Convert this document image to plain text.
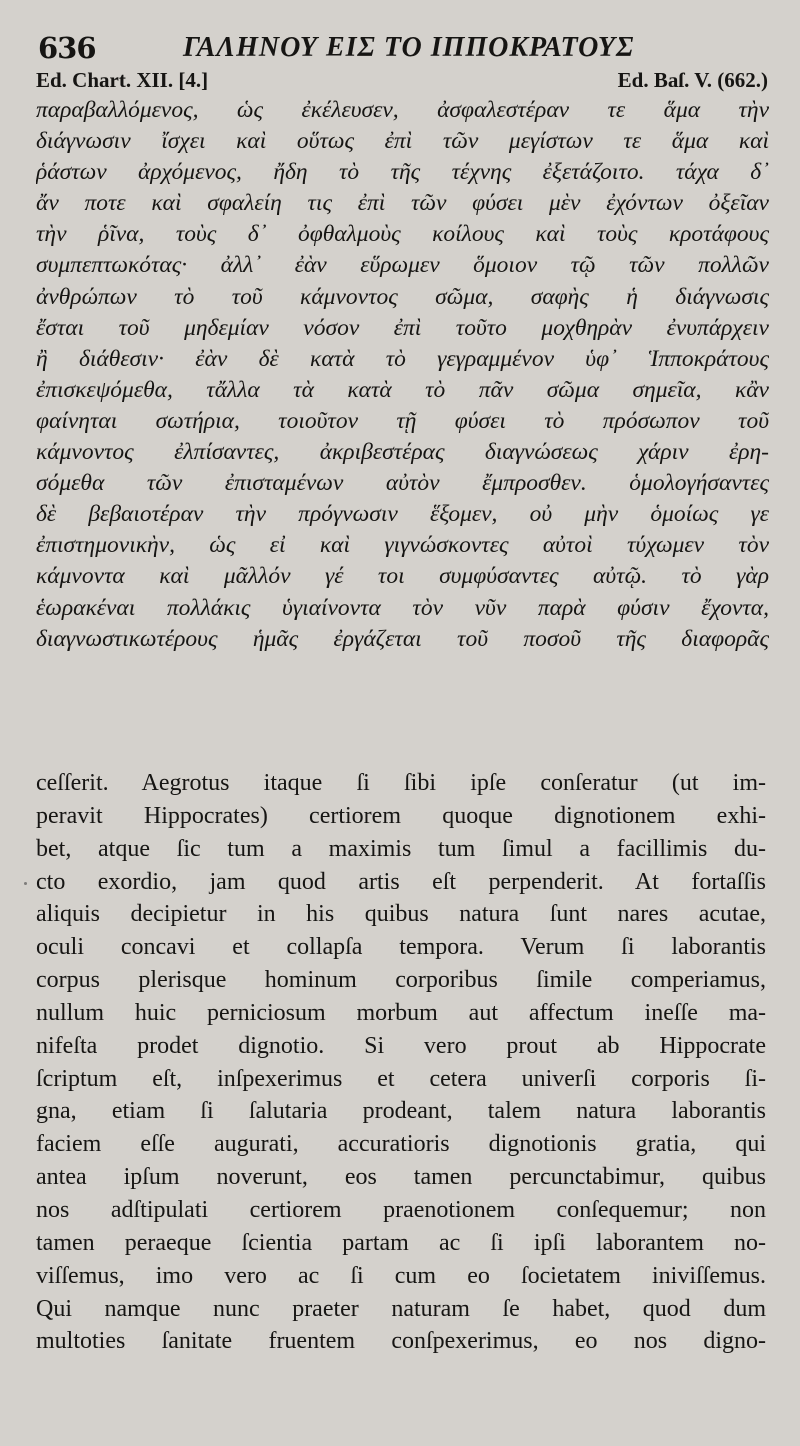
636	ΓΑΛΗΝΟΥ ΕΙΣ ΤΟ ΙΠΠΟΚΡΑΤΟΥΣ
Ed. Chart. XII. [4.]	Ed. Baſ. V. (662.)
παραβαλλόμενος, ὡς ἐκέλευσεν, ἀσφαλεστέραν τε ἅμα τὴν
διάγνωσιν ἴσχει καὶ οὕτως ἐπὶ τῶν μεγίστων τε ἅμα καὶ
ῥάστων ἀρχόμενος, ἤδη τὸ τῆς τέχνης ἐξετάζοιτο. τάχα δ᾽
ἄν ποτε καὶ σφαλείη τις ἐπὶ τῶν φύσει μὲν ἐχόντων ὀξεῖαν
τὴν ῥῖνα, τοὺς δ᾽ ὀφθαλμοὺς κοίλους καὶ τοὺς κροτάφους
συμπεπτωκότας· ἀλλ᾽ ἐὰν εὕρωμεν ὅμοιον τῷ τῶν πολλῶν
ἀνθρώπων τὸ τοῦ κάμνοντος σῶμα, σαφὴς ἡ διάγνωσις
ἔσται τοῦ μηδεμίαν νόσον ἐπὶ τοῦτο μοχθηρὰν ἐνυπάρχειν
ἢ διάθεσιν· ἐὰν δὲ κατὰ τὸ γεγραμμένον ὑφ᾽ Ἱπποκράτους
ἐπισκεψόμεθα, τἄλλα τὰ κατὰ τὸ πᾶν σῶμα σημεῖα, κἂν
φαίνηται σωτήρια, τοιοῦτον τῇ φύσει τὸ πρόσωπον τοῦ
κάμνοντος ἐλπίσαντες, ἀκριβεστέρας διαγνώσεως χάριν ἐρη-
σόμεθα τῶν ἐπισταμένων αὐτὸν ἔμπροσθεν. ὁμολογήσαντες
δὲ βεβαιοτέραν τὴν πρόγνωσιν ἕξομεν, οὐ μὴν ὁμοίως γε
ἐπιστημονικὴν, ὡς εἰ καὶ γιγνώσκοντες αὐτοὶ τύχωμεν τὸν
κάμνοντα καὶ μᾶλλόν γέ τοι συμφύσαντες αὐτῷ. τὸ γὰρ
ἑωρακέναι πολλάκις ὑγιαίνοντα τὸν νῦν παρὰ φύσιν ἔχοντα,
διαγνωστικωτέρους ἡμᾶς ἐργάζεται τοῦ ποσοῦ τῆς διαφορᾶς
ceſſerit. Aegrotus itaque ſi ſibi ipſe conſeratur (ut im-
peravit Hippocrates) certiorem quoque dignotionem exhi-
bet, atque ſic tum a maximis tum ſimul a facillimis du-
cto exordio, jam quod artis eſt perpenderit. At fortaſſis
aliquis decipietur in his quibus natura ſunt nares acutae,
oculi concavi et collapſa tempora. Verum ſi laborantis
corpus plerisque hominum corporibus ſimile comperiamus,
nullum huic perniciosum morbum aut affectum ineſſe ma-
nifeſta prodet dignotio. Si vero prout ab Hippocrate
ſcriptum eſt, inſpexerimus et cetera univerſi corporis ſi-
gna, etiam ſi ſalutaria prodeant, talem natura laborantis
faciem eſſe augurati, accuratioris dignotionis gratia, qui
antea ipſum noverunt, eos tamen percunctabimur, quibus
nos adſtipulati certiorem praenotionem conſequemur; non
tamen peraeque ſcientia partam ac ſi ipſi laborantem no-
viſſemus, imo vero ac ſi cum eo ſocietatem iniviſſemus.
Qui namque nunc praeter naturam ſe habet, quod dum
multoties ſanitate fruentem conſpexerimus, eo nos digno-
